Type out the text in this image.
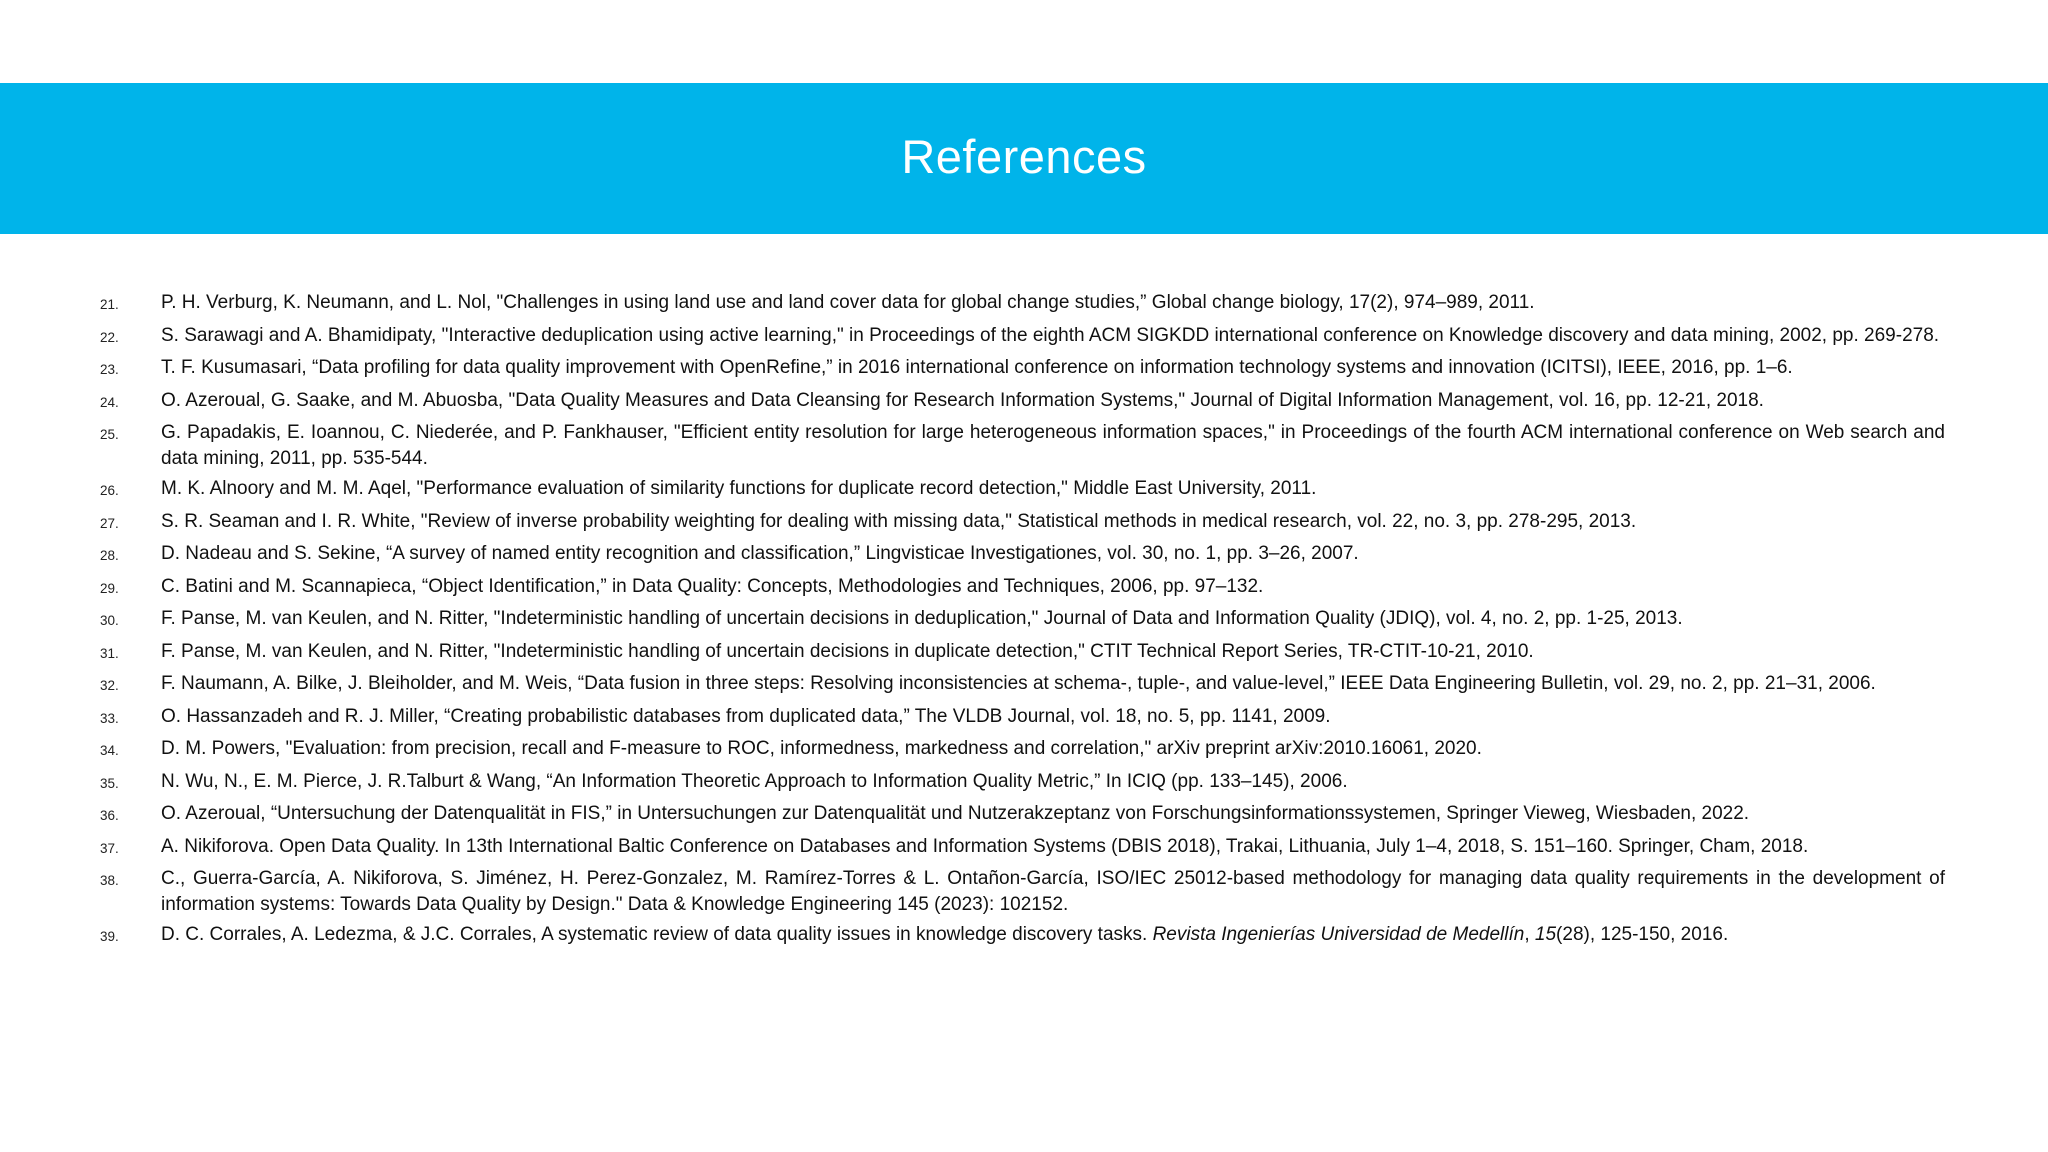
References
21.	P. H. Verburg, K. Neumann, and L. Nol, "Challenges in using land use and land cover data for global change studies,” Global change biology, 17(2), 974–989, 2011.
22.	S. Sarawagi and A. Bhamidipaty, "Interactive deduplication using active learning," in Proceedings of the eighth ACM SIGKDD international conference on Knowledge discovery and data mining, 2002, pp. 269-278.
23.	T. F. Kusumasari, “Data profiling for data quality improvement with OpenRefine,” in 2016 international conference on information technology systems and innovation (ICITSI), IEEE, 2016, pp. 1–6.
24.	O. Azeroual, G. Saake, and M. Abuosba, "Data Quality Measures and Data Cleansing for Research Information Systems," Journal of Digital Information Management, vol. 16, pp. 12-21, 2018.
25.	G. Papadakis, E. Ioannou, C. Niederée, and P. Fankhauser, "Efficient entity resolution for large heterogeneous information spaces," in Proceedings of the fourth ACM international conference on Web search and data mining, 2011, pp. 535-544.
26.	M. K. Alnoory and M. M. Aqel, "Performance evaluation of similarity functions for duplicate record detection," Middle East University, 2011.
27.	S. R. Seaman and I. R. White, "Review of inverse probability weighting for dealing with missing data," Statistical methods in medical research, vol. 22, no. 3, pp. 278-295, 2013.
28.	D. Nadeau and S. Sekine, “A survey of named entity recognition and classification,” Lingvisticae Investigationes, vol. 30, no. 1, pp. 3–26, 2007.
29.	C. Batini and M. Scannapieca, “Object Identification,” in Data Quality: Concepts, Methodologies and Techniques, 2006, pp. 97–132.
30.	F. Panse, M. van Keulen, and N. Ritter, "Indeterministic handling of uncertain decisions in deduplication," Journal of Data and Information Quality (JDIQ), vol. 4, no. 2, pp. 1-25, 2013.
31.	F. Panse, M. van Keulen, and N. Ritter, "Indeterministic handling of uncertain decisions in duplicate detection," CTIT Technical Report Series, TR-CTIT-10-21, 2010.
32.	F. Naumann, A. Bilke, J. Bleiholder, and M. Weis, “Data fusion in three steps: Resolving inconsistencies at schema-, tuple-, and value-level,” IEEE Data Engineering Bulletin, vol. 29, no. 2, pp. 21–31, 2006.
33.	O. Hassanzadeh and R. J. Miller, “Creating probabilistic databases from duplicated data,” The VLDB Journal, vol. 18, no. 5, pp. 1141, 2009.
34.	D. M. Powers, "Evaluation: from precision, recall and F-measure to ROC, informedness, markedness and correlation," arXiv preprint arXiv:2010.16061, 2020.
35.	N. Wu, N., E. M. Pierce, J. R.Talburt & Wang, “An Information Theoretic Approach to Information Quality Metric,” In ICIQ (pp. 133–145), 2006.
36.	O. Azeroual, “Untersuchung der Datenqualität in FIS,” in Untersuchungen zur Datenqualität und Nutzerakzeptanz von Forschungsinformationssystemen, Springer Vieweg, Wiesbaden, 2022.
37.	A. Nikiforova. Open Data Quality. In 13th International Baltic Conference on Databases and Information Systems (DBIS 2018), Trakai, Lithuania, July 1–4, 2018, S. 151–160. Springer, Cham, 2018.
38.	C., Guerra-García, A. Nikiforova, S. Jiménez, H. Perez-Gonzalez, M. Ramírez-Torres & L. Ontañon-García, ISO/IEC 25012-based methodology for managing data quality requirements in the development of information systems: Towards Data Quality by Design." Data & Knowledge Engineering 145 (2023): 102152.
39.	D. C. Corrales, A. Ledezma, & J.C. Corrales, A systematic review of data quality issues in knowledge discovery tasks. Revista Ingenierías Universidad de Medellín, 15(28), 125-150, 2016.
